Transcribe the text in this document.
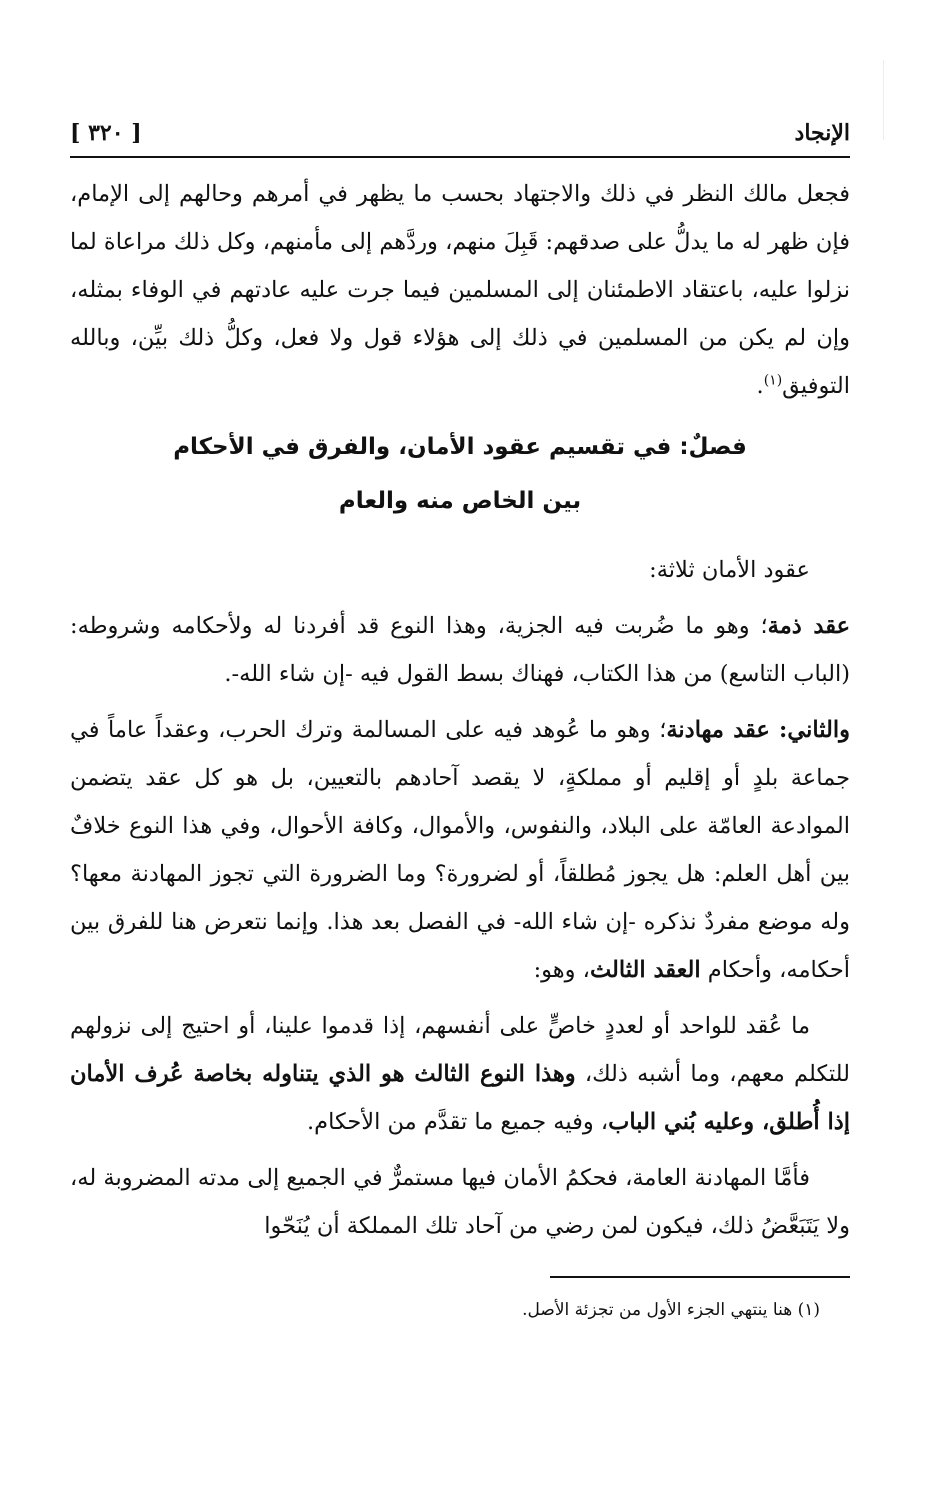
الإنجاد
[ ٣٢٠ ]

فجعل مالك النظر في ذلك والاجتهاد بحسب ما يظهر في أمرهم وحالهم إلى الإمام، فإن ظهر له ما يدلُّ على صدقهم: قَبِلَ منهم، وردَّهم إلى مأمنهم، وكل ذلك مراعاة لما نزلوا عليه، باعتقاد الاطمئنان إلى المسلمين فيما جرت عليه عادتهم في الوفاء بمثله، وإن لم يكن من المسلمين في ذلك إلى هؤلاء قول ولا فعل، وكلُّ ذلك بيِّن، وبالله التوفيق$^{(١)}$.

فصلٌ: في تقسيم عقود الأمان، والفرق في الأحكام
بين الخاص منه والعام

عقود الأمان ثلاثة:

عقد ذمة؛ وهو ما ضُربت فيه الجزية، وهذا النوع قد أفردنا له ولأحكامه وشروطه: (الباب التاسع) من هذا الكتاب، فهناك بسط القول فيه -إن شاء الله-.

والثاني: عقد مهادنة؛ وهو ما عُوهد فيه على المسالمة وترك الحرب، وعقداً عاماً في جماعة بلدٍ أو إقليم أو مملكةٍ، لا يقصد آحادهم بالتعيين، بل هو كل عقد يتضمن الموادعة العامّة على البلاد، والنفوس، والأموال، وكافة الأحوال، وفي هذا النوع خلافٌ بين أهل العلم: هل يجوز مُطلقاً، أو لضرورة؟ وما الضرورة التي تجوز المهادنة معها؟ وله موضع مفردٌ نذكره -إن شاء الله- في الفصل بعد هذا. وإنما نتعرض هنا للفرق بين أحكامه، وأحكام العقد الثالث، وهو:

ما عُقد للواحد أو لعددٍ خاصٍّ على أنفسهم، إذا قدموا علينا، أو احتيج إلى نزولهم للتكلم معهم، وما أشبه ذلك، وهذا النوع الثالث هو الذي يتناوله بخاصة عُرف الأمان إذا أُطلق، وعليه بُني الباب، وفيه جميع ما تقدَّم من الأحكام.

فأمَّا المهادنة العامة، فحكمُ الأمان فيها مستمرٌّ في الجميع إلى مدته المضروبة له، ولا يَتَبَعَّضُ ذلك، فيكون لمن رضي من آحاد تلك المملكة أن يُنَحّوا

(١) هنا ينتهي الجزء الأول من تجزئة الأصل.
